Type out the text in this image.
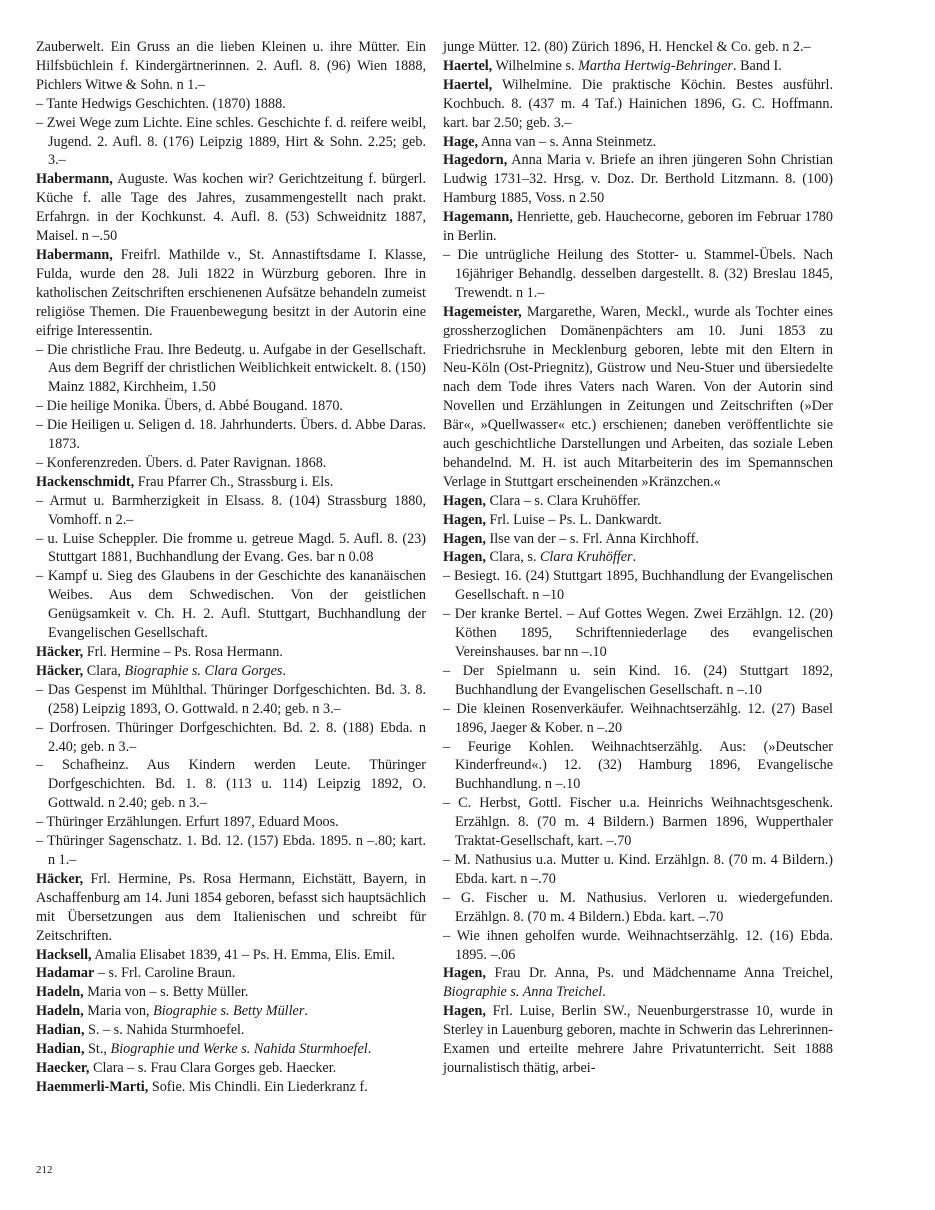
Zauberwelt. Ein Gruss an die lieben Kleinen u. ihre Mütter. Ein Hilfsbüchlein f. Kindergärtnerinnen. 2. Aufl. 8. (96) Wien 1888, Pichlers Witwe & Sohn. n 1.–

– Tante Hedwigs Geschichten. (1870) 1888.

– Zwei Wege zum Lichte. Eine schles. Geschichte f. d. reifere weibl, Jugend. 2. Aufl. 8. (176) Leipzig 1889, Hirt & Sohn. 2.25; geb. 3.–

Habermann, Auguste. Was kochen wir? Gerichtzeitung f. bürgerl. Küche f. alle Tage des Jahres, zusammengestellt nach prakt. Erfahrgn. in der Kochkunst. 4. Aufl. 8. (53) Schweidnitz 1887, Maisel. n –.50

Habermann, Freifrl. Mathilde v., St. Annastiftsdame I. Klasse, Fulda, wurde den 28. Juli 1822 in Würzburg geboren. Ihre in katholischen Zeitschriften erschienenen Aufsätze behandeln zumeist religiöse Themen. Die Frauenbewegung besitzt in der Autorin eine eifrige Interessentin.

– Die christliche Frau. Ihre Bedeutg. u. Aufgabe in der Gesellschaft. Aus dem Begriff der christlichen Weiblichkeit entwickelt. 8. (150) Mainz 1882, Kirchheim, 1.50

– Die heilige Monika. Übers, d. Abbé Bougand. 1870.

– Die Heiligen u. Seligen d. 18. Jahrhunderts. Übers. d. Abbe Daras. 1873.

– Konferenzreden. Übers. d. Pater Ravignan. 1868.

Hackenschmidt, Frau Pfarrer Ch., Strassburg i. Els.

– Armut u. Barmherzigkeit in Elsass. 8. (104) Strassburg 1880, Vomhoff. n 2.–

– u. Luise Scheppler. Die fromme u. getreue Magd. 5. Aufl. 8. (23) Stuttgart 1881, Buchhandlung der Evang. Ges. bar n 0.08

– Kampf u. Sieg des Glaubens in der Geschichte des kananäischen Weibes. Aus dem Schwedischen. Von der geistlichen Genügsamkeit v. Ch. H. 2. Aufl. Stuttgart, Buchhandlung der Evangelischen Gesellschaft.

Häcker, Frl. Hermine – Ps. Rosa Hermann.

Häcker, Clara, Biographie s. Clara Gorges.

– Das Gespenst im Mühlthal. Thüringer Dorfgeschichten. Bd. 3. 8. (258) Leipzig 1893, O. Gottwald. n 2.40; geb. n 3.–

– Dorfrosen. Thüringer Dorfgeschichten. Bd. 2. 8. (188) Ebda. n 2.40; geb. n 3.–

– Schafheinz. Aus Kindern werden Leute. Thüringer Dorfgeschichten. Bd. 1. 8. (113 u. 114) Leipzig 1892, O. Gottwald. n 2.40; geb. n 3.–

– Thüringer Erzählungen. Erfurt 1897, Eduard Moos.

– Thüringer Sagenschatz. 1. Bd. 12. (157) Ebda. 1895. n –.80; kart. n 1.–

Häcker, Frl. Hermine, Ps. Rosa Hermann, Eichstätt, Bayern, in Aschaffenburg am 14. Juni 1854 geboren, befasst sich hauptsächlich mit Übersetzungen aus dem Italienischen und schreibt für Zeitschriften.

Hacksell, Amalia Elisabet 1839, 41 – Ps. H. Emma, Elis. Emil.

Hadamar – s. Frl. Caroline Braun.

Hadeln, Maria von – s. Betty Müller.

Hadeln, Maria von, Biographie s. Betty Müller.

Hadian, S. – s. Nahida Sturmhoefel.

Hadian, St., Biographie und Werke s. Nahida Sturmhoefel.

Haecker, Clara – s. Frau Clara Gorges geb. Haecker.

Haemmerli-Marti, Sofie. Mis Chindli. Ein Liederkranz f.

junge Mütter. 12. (80) Zürich 1896, H. Henckel & Co. geb. n 2.–

Haertel, Wilhelmine s. Martha Hertwig-Behringer. Band I.

Haertel, Wilhelmine. Die praktische Köchin. Bestes ausführl. Kochbuch. 8. (437 m. 4 Taf.) Hainichen 1896, G. C. Hoffmann. kart. bar 2.50; geb. 3.–

Hage, Anna van – s. Anna Steinmetz.

Hagedorn, Anna Maria v. Briefe an ihren jüngeren Sohn Christian Ludwig 1731–32. Hrsg. v. Doz. Dr. Berthold Litzmann. 8. (100) Hamburg 1885, Voss. n 2.50

Hagemann, Henriette, geb. Hauchecorne, geboren im Februar 1780 in Berlin.

– Die untrügliche Heilung des Stotter- u. Stammel-Übels. Nach 16jähriger Behandlg. desselben dargestellt. 8. (32) Breslau 1845, Trewendt. n 1.–

Hagemeister, Margarethe, Waren, Meckl., wurde als Tochter eines grossherzoglichen Domänenpächters am 10. Juni 1853 zu Friedrichsruhe in Mecklenburg geboren, lebte mit den Eltern in Neu-Köln (Ost-Priegnitz), Güstrow und Neu-Stuer und übersiedelte nach dem Tode ihres Vaters nach Waren. Von der Autorin sind Novellen und Erzählungen in Zeitungen und Zeitschriften (»Der Bär«, »Quellwasser« etc.) erschienen; daneben veröffentlichte sie auch geschichtliche Darstellungen und Arbeiten, das soziale Leben behandelnd. M. H. ist auch Mitarbeiterin des im Spemannschen Verlage in Stuttgart erscheinenden »Kränzchen.«

Hagen, Clara – s. Clara Kruhöffer.

Hagen, Frl. Luise – Ps. L. Dankwardt.

Hagen, Ilse van der – s. Frl. Anna Kirchhoff.

Hagen, Clara, s. Clara Kruhöffer.

– Besiegt. 16. (24) Stuttgart 1895, Buchhandlung der Evangelischen Gesellschaft. n –10

– Der kranke Bertel. – Auf Gottes Wegen. Zwei Erzählgn. 12. (20) Köthen 1895, Schriftenniederlage des evangelischen Vereinshauses. bar nn –.10

– Der Spielmann u. sein Kind. 16. (24) Stuttgart 1892, Buchhandlung der Evangelischen Gesellschaft. n –.10

– Die kleinen Rosenverkäufer. Weihnachtserzählg. 12. (27) Basel 1896, Jaeger & Kober. n –.20

– Feurige Kohlen. Weihnachtserzählg. Aus: (»Deutscher Kinderfreund«.) 12. (32) Hamburg 1896, Evangelische Buchhandlung. n –.10

– C. Herbst, Gottl. Fischer u.a. Heinrichs Weihnachtsgeschenk. Erzählgn. 8. (70 m. 4 Bildern.) Barmen 1896, Wupperthaler Traktat-Gesellschaft, kart. –.70

– M. Nathusius u.a. Mutter u. Kind. Erzählgn. 8. (70 m. 4 Bildern.) Ebda. kart. n –.70

– G. Fischer u. M. Nathusius. Verloren u. wiedergefunden. Erzählgn. 8. (70 m. 4 Bildern.) Ebda. kart. –.70

– Wie ihnen geholfen wurde. Weihnachtserzählg. 12. (16) Ebda. 1895. –.06

Hagen, Frau Dr. Anna, Ps. und Mädchenname Anna Treichel, Biographie s. Anna Treichel.

Hagen, Frl. Luise, Berlin SW., Neuenburgerstrasse 10, wurde in Sterley in Lauenburg geboren, machte in Schwerin das Lehrerinnen-Examen und erteilte mehrere Jahre Privatunterricht. Seit 1888 journalistisch thätig, arbei-

212
